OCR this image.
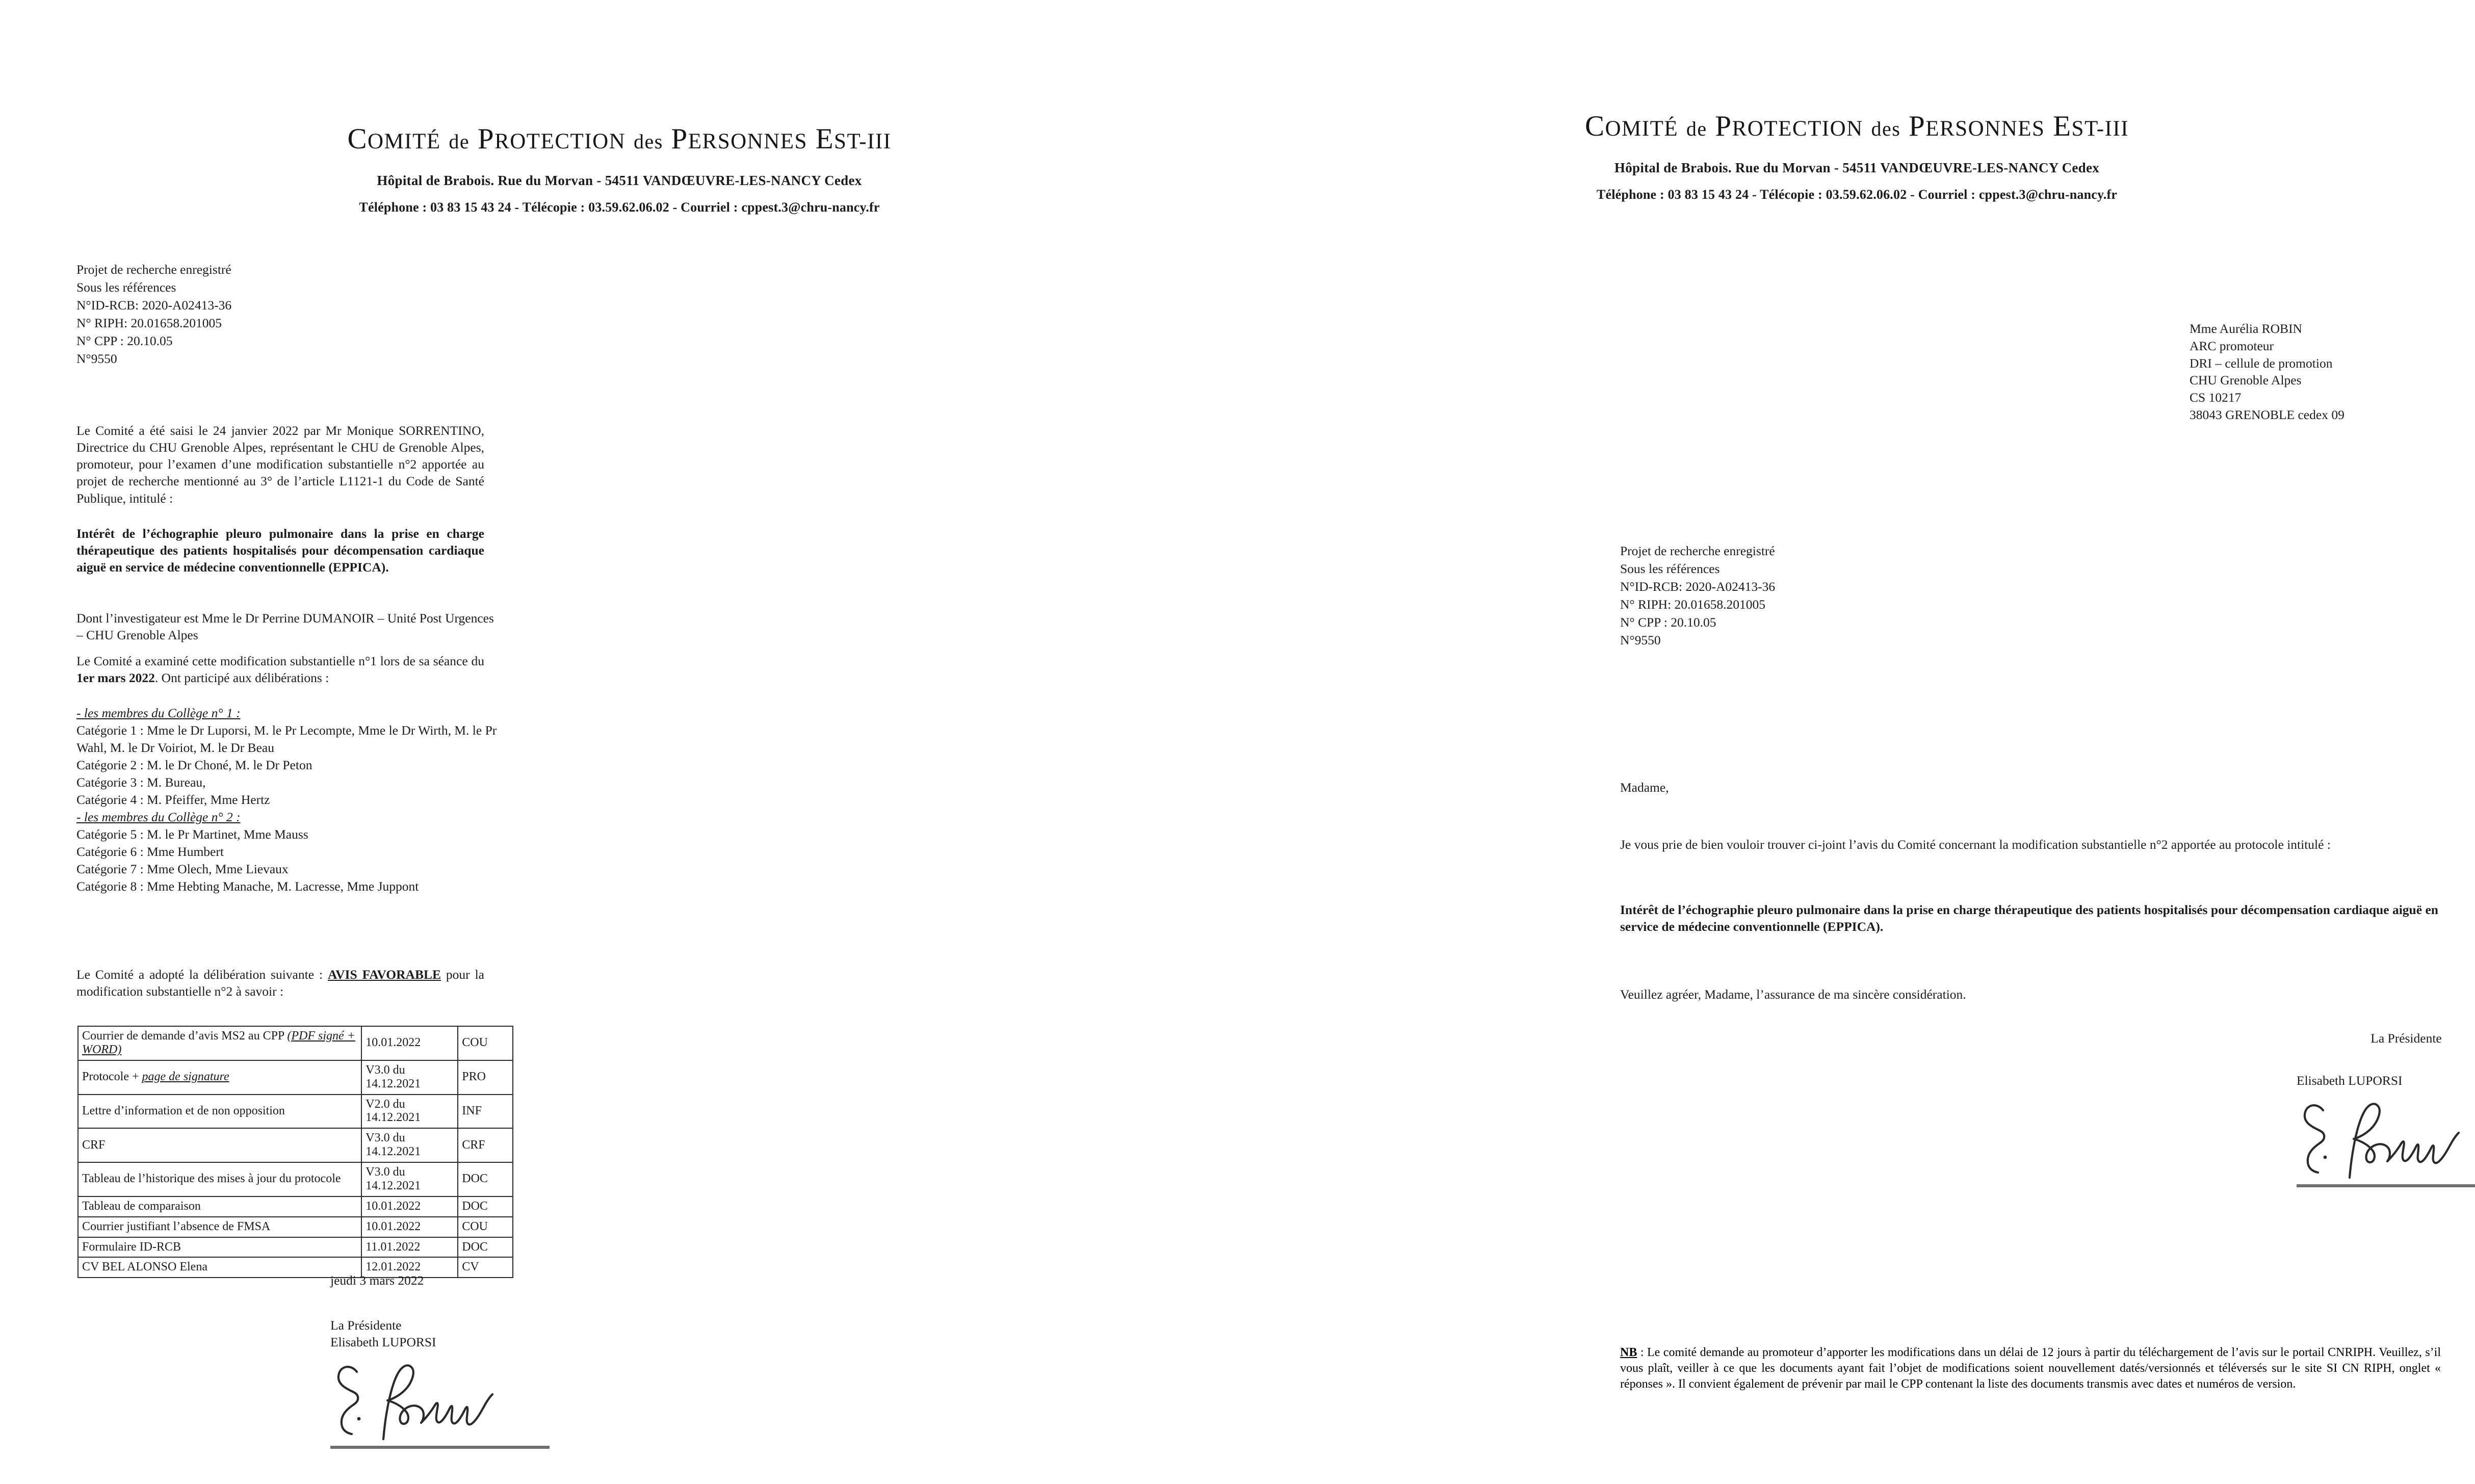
COMITÉ de PROTECTION des PERSONNES EST-III
Hôpital de Brabois. Rue du Morvan - 54511 VANDŒUVRE-LES-NANCY Cedex
Téléphone : 03 83 15 43 24 - Télécopie : 03.59.62.06.02 - Courriel : cppest.3@chru-nancy.fr
Projet de recherche enregistré
Sous les références
N°ID-RCB: 2020-A02413-36
N° RIPH: 20.01658.201005
N° CPP : 20.10.05
N°9550
Le Comité a été saisi le 24 janvier 2022 par Mr Monique SORRENTINO, Directrice du CHU Grenoble Alpes, représentant le CHU de Grenoble Alpes, promoteur, pour l’examen d’une modification substantielle n°2 apportée au projet de recherche mentionné au 3° de l’article L1121-1 du Code de Santé Publique, intitulé :
Intérêt de l’échographie pleuro pulmonaire dans la prise en charge thérapeutique des patients hospitalisés pour décompensation cardiaque aiguë en service de médecine conventionnelle (EPPICA).
Dont l’investigateur est Mme le Dr Perrine DUMANOIR – Unité Post Urgences – CHU Grenoble Alpes
Le Comité a examiné cette modification substantielle n°1 lors de sa séance du 1er mars 2022. Ont participé aux délibérations :
- les membres du Collège n° 1 :
Catégorie 1 : Mme le Dr Luporsi, M. le Pr Lecompte, Mme le Dr Wirth, M. le Pr Wahl, M. le Dr Voiriot, M. le Dr Beau
Catégorie 2 : M. le Dr Choné, M. le Dr Peton
Catégorie 3 : M. Bureau,
Catégorie 4 : M. Pfeiffer, Mme Hertz
- les membres du Collège n° 2 :
Catégorie 5 : M. le Pr Martinet, Mme Mauss
Catégorie 6 : Mme Humbert
Catégorie 7 : Mme Olech, Mme Lievaux
Catégorie 8 : Mme Hebting Manache, M. Lacresse, Mme Juppont
Le Comité a adopté la délibération suivante : AVIS FAVORABLE pour la modification substantielle n°2 à savoir :
Courrier de demande d’avis MS2 au CPP (PDF signé + WORD)	10.01.2022	COU
Protocole + page de signature	V3.0 du 14.12.2021	PRO
Lettre d’information et de non opposition	V2.0 du 14.12.2021	INF
CRF	V3.0 du 14.12.2021	CRF
Tableau de l’historique des mises à jour du protocole	V3.0 du 14.12.2021	DOC
Tableau de comparaison	10.01.2022	DOC
Courrier justifiant l’absence de FMSA	10.01.2022	COU
Formulaire ID-RCB	11.01.2022	DOC
CV BEL ALONSO Elena	12.01.2022	CV
jeudi 3 mars 2022
La Présidente
Elisabeth LUPORSI
COMITÉ de PROTECTION des PERSONNES EST-III
Hôpital de Brabois. Rue du Morvan - 54511 VANDŒUVRE-LES-NANCY Cedex
Téléphone : 03 83 15 43 24 - Télécopie : 03.59.62.06.02 - Courriel : cppest.3@chru-nancy.fr
Mme Aurélia ROBIN
ARC promoteur
DRI – cellule de promotion
CHU Grenoble Alpes
CS 10217
38043 GRENOBLE cedex 09
Projet de recherche enregistré
Sous les références
N°ID-RCB: 2020-A02413-36
N° RIPH: 20.01658.201005
N° CPP : 20.10.05
N°9550
Madame,
Je vous prie de bien vouloir trouver ci-joint l’avis du Comité concernant la modification substantielle n°2 apportée au protocole intitulé :
Intérêt de l’échographie pleuro pulmonaire dans la prise en charge thérapeutique des patients hospitalisés pour décompensation cardiaque aiguë en service de médecine conventionnelle (EPPICA).
Veuillez agréer, Madame, l’assurance de ma sincère considération.
La Présidente
Elisabeth LUPORSI
NB : Le comité demande au promoteur d’apporter les modifications dans un délai de 12 jours à partir du téléchargement de l’avis sur le portail CNRIPH. Veuillez, s’il vous plaît, veiller à ce que les documents ayant fait l’objet de modifications soient nouvellement datés/versionnés et téléversés sur le site SI CN RIPH, onglet « réponses ». Il convient également de prévenir par mail le CPP contenant la liste des documents transmis avec dates et numéros de version.
